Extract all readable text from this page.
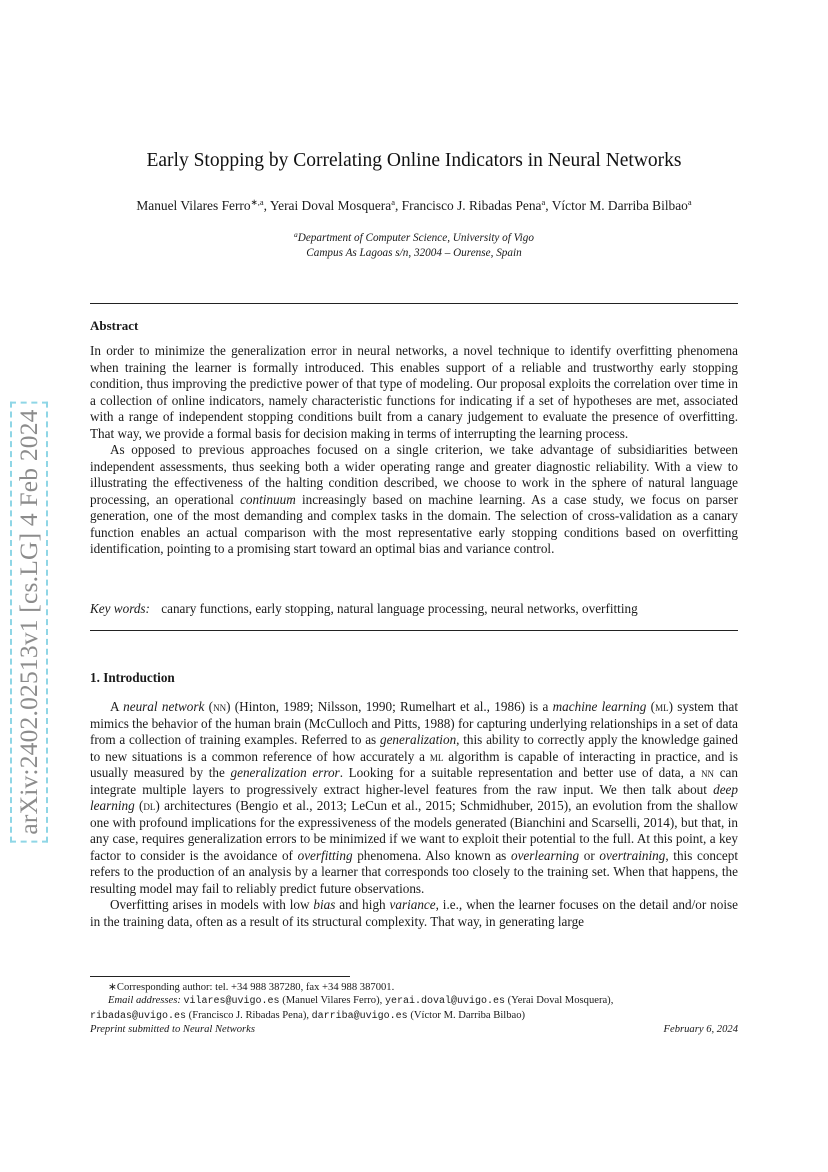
arXiv:2402.02513v1 [cs.LG] 4 Feb 2024
Early Stopping by Correlating Online Indicators in Neural Networks
Manuel Vilares Ferro$^{∗,a}$, Yerai Doval Mosquera$^a$, Francisco J. Ribadas Pena$^a$, Víctor M. Darriba Bilbao$^a$
$^a$Department of Computer Science, University of Vigo
Campus As Lagoas s/n, 32004 – Ourense, Spain
Abstract

In order to minimize the generalization error in neural networks, a novel technique to identify overfitting phenomena when training the learner is formally introduced. This enables support of a reliable and trustworthy early stopping condition, thus improving the predictive power of that type of modeling. Our proposal exploits the correlation over time in a collection of online indicators, namely characteristic functions for indicating if a set of hypotheses are met, associated with a range of independent stopping conditions built from a canary judgement to evaluate the presence of overfitting. That way, we provide a formal basis for decision making in terms of interrupting the learning process.

As opposed to previous approaches focused on a single criterion, we take advantage of subsidiarities between independent assessments, thus seeking both a wider operating range and greater diagnostic reliability. With a view to illustrating the effectiveness of the halting condition described, we choose to work in the sphere of natural language processing, an operational continuum increasingly based on machine learning. As a case study, we focus on parser generation, one of the most demanding and complex tasks in the domain. The selection of cross-validation as a canary function enables an actual comparison with the most representative early stopping conditions based on overfitting identification, pointing to a promising start toward an optimal bias and variance control.

Key words: canary functions, early stopping, natural language processing, neural networks, overfitting
1. Introduction

A neural network (nn) (Hinton, 1989; Nilsson, 1990; Rumelhart et al., 1986) is a machine learning (ml) system that mimics the behavior of the human brain (McCulloch and Pitts, 1988) for capturing underlying relationships in a set of data from a collection of training examples. Referred to as generalization, this ability to correctly apply the knowledge gained to new situations is a common reference of how accurately a ml algorithm is capable of interacting in practice, and is usually measured by the generalization error. Looking for a suitable representation and better use of data, a nn can integrate multiple layers to progressively extract higher-level features from the raw input. We then talk about deep learning (dl) architectures (Bengio et al., 2013; LeCun et al., 2015; Schmidhuber, 2015), an evolution from the shallow one with profound implications for the expressiveness of the models generated (Bianchini and Scarselli, 2014), but that, in any case, requires generalization errors to be minimized if we want to exploit their potential to the full. At this point, a key factor to consider is the avoidance of overfitting phenomena. Also known as overlearning or overtraining, this concept refers to the production of an analysis by a learner that corresponds too closely to the training set. When that happens, the resulting model may fail to reliably predict future observations.

Overfitting arises in models with low bias and high variance, i.e., when the learner focuses on the detail and/or noise in the training data, often as a result of its structural complexity. That way, in generating large

∗Corresponding author: tel. +34 988 387280, fax +34 988 387001.

Email addresses: vilares@uvigo.es (Manuel Vilares Ferro), yerai.doval@uvigo.es (Yerai Doval Mosquera),

ribadas@uvigo.es (Francisco J. Ribadas Pena), darriba@uvigo.es (Víctor M. Darriba Bilbao)

Preprint submitted to Neural Networks	February 6, 2024
